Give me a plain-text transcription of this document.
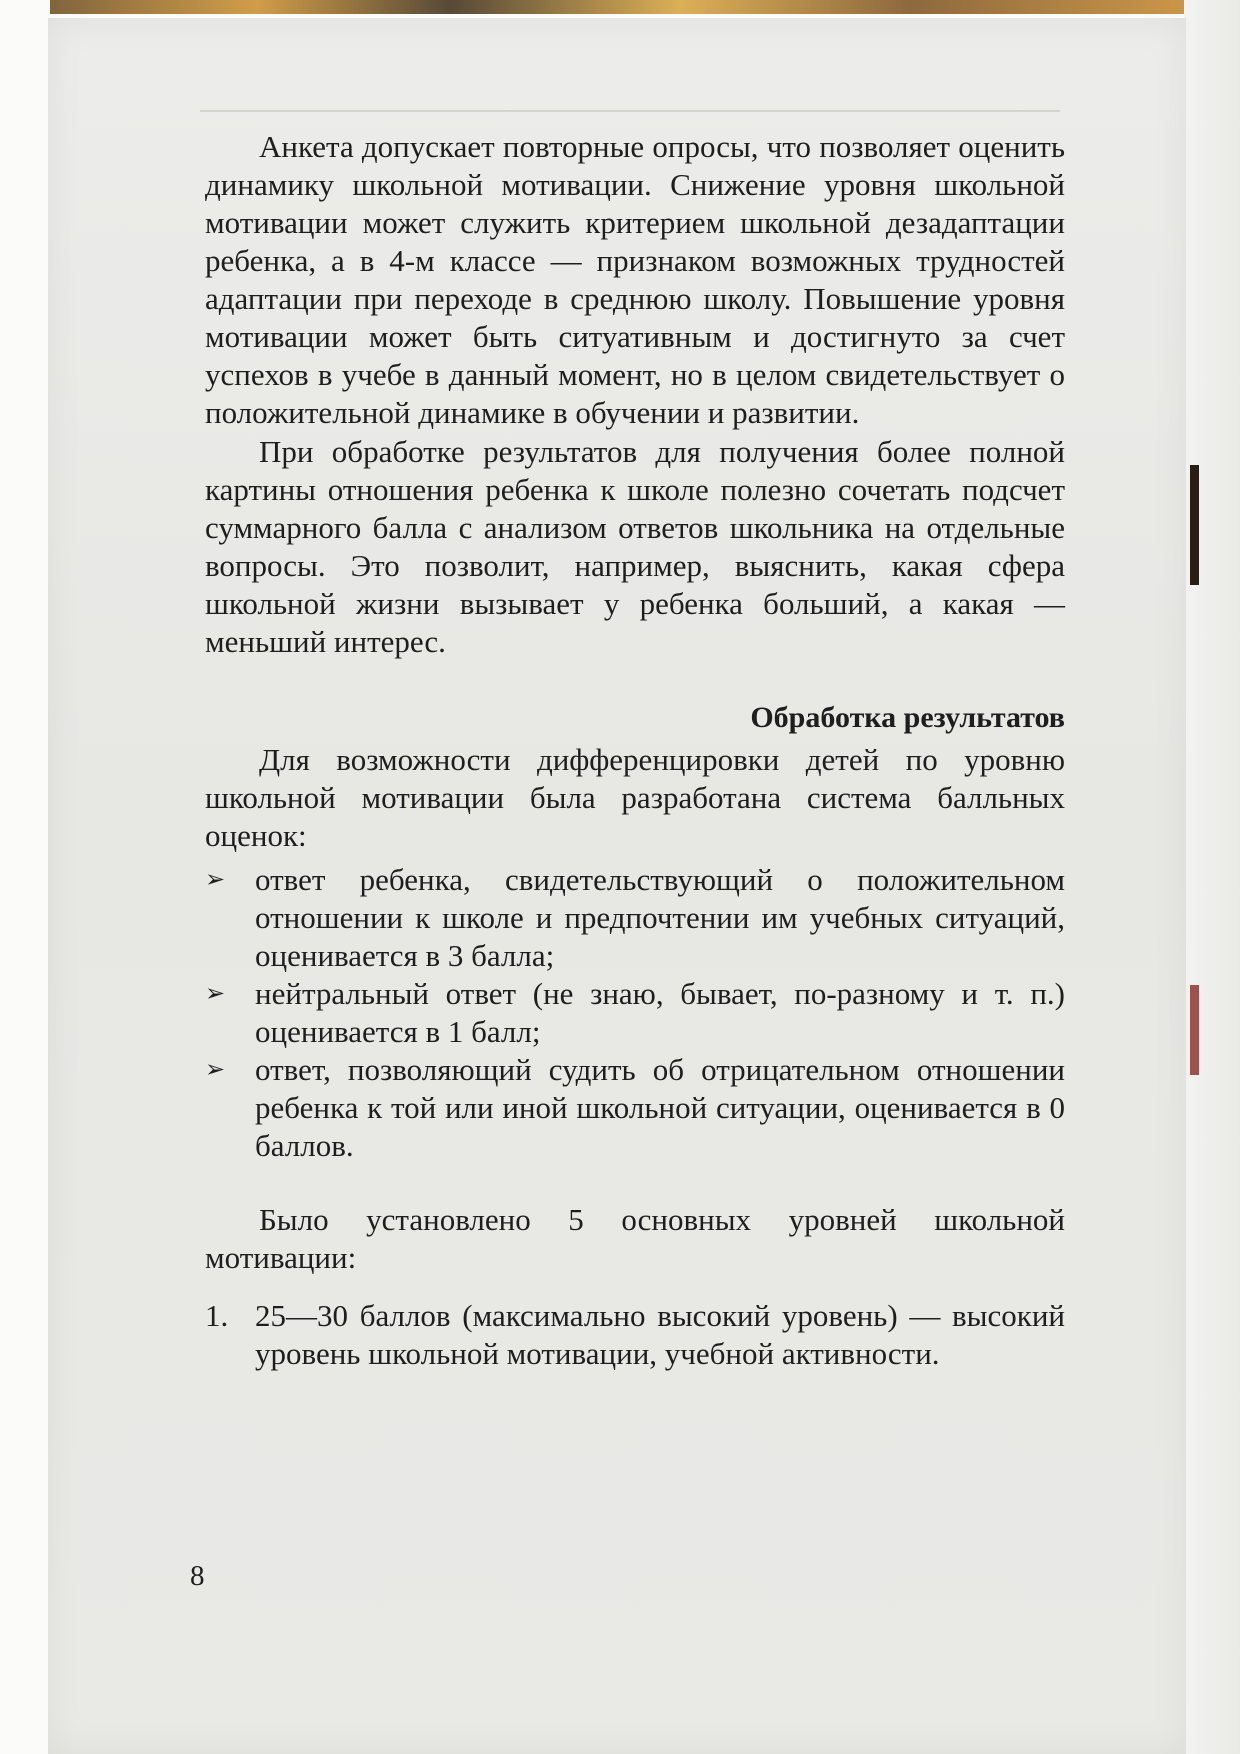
Анкета допускает повторные опросы, что позволяет оценить динамику школьной мотивации. Снижение уровня школьной мотивации может служить критерием школьной дезадаптации ребенка, а в 4-м классе — признаком возможных трудностей адаптации при переходе в среднюю школу. Повышение уровня мотивации может быть ситуативным и достигнуто за счет успехов в учебе в данный момент, но в целом свидетельствует о положительной динамике в обучении и развитии.

При обработке результатов для получения более полной картины отношения ребенка к школе полезно сочетать подсчет суммарного балла с анализом ответов школьника на отдельные вопросы. Это позволит, например, выяснить, какая сфера школьной жизни вызывает у ребенка больший, а какая — меньший интерес.

Обработка результатов

Для возможности дифференцировки детей по уровню школьной мотивации была разработана система балльных оценок:

➢ ответ ребенка, свидетельствующий о положительном отношении к школе и предпочтении им учебных ситуаций, оценивается в 3 балла;
➢ нейтральный ответ (не знаю, бывает, по-разному и т. п.) оценивается в 1 балл;
➢ ответ, позволяющий судить об отрицательном отношении ребенка к той или иной школьной ситуации, оценивается в 0 баллов.

Было установлено 5 основных уровней школьной мотивации:

1. 25—30 баллов (максимально высокий уровень) — высокий уровень школьной мотивации, учебной активности.
8
